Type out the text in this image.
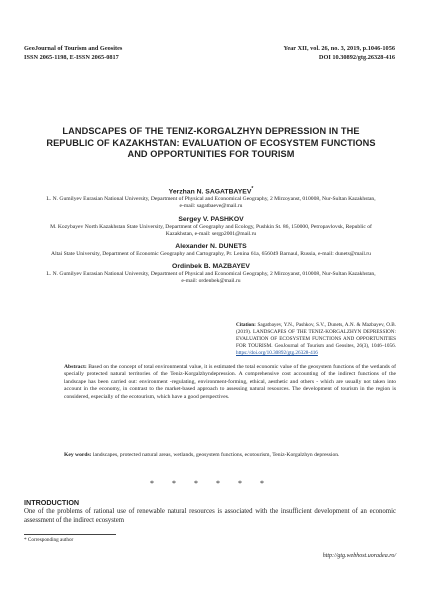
GeoJournal of Tourism and Geosites
ISSN 2065-1198, E-ISSN 2065-0817
Year XII, vol. 26, no. 3, 2019, p.1046-1056
DOI 10.30892/gtg.26328-416
LANDSCAPES OF THE TENIZ-KORGALZHYN DEPRESSION IN THE REPUBLIC OF KAZAKHSTAN: EVALUATION OF ECOSYSTEM FUNCTIONS AND OPPORTUNITIES FOR TOURISM
Yerzhan N. SAGATBAYEV*
L. N. Gumilyev Eurasian National University, Department of Physical and Economical Geography, 2 Mirzoyanst, 010008, Nur-Sultan Kazakhstan, e-mail: sagatbaeve@mail.ru
Sergey V. PASHKOV
M. Kozybayev North Kazakhstan State University, Department of Geography and Ecology, Pushkin St. 86, 150000, Petropavlovsk, Republic of Kazakhstan, e-mail: sergp2001@mail.ru
Alexander N. DUNETS
Altai State University, Department of Economic Geography and Cartography, Pr. Lenina 61a, 656049 Barnaul, Russia, e-mail: dunets@mail.ru
Ordinbek B. MAZBAYEV
L. N. Gumilyev Eurasian National University, Department of Physical and Economical Geography, 2 Mirzoyanst, 010008, Nur-Sultan Kazakhstan, e-mail: ordenbek@mail.ru
Citation: Sagatbayev, Y.N., Pashkov, S.V., Dunets, A.N. & Mazbayev, O.B. (2019). LANDSCAPES OF THE TENIZ-KORGALZHYN DEPRESSION: EVALUATION OF ECOSYSTEM FUNCTIONS AND OPPORTUNITIES FOR TOURISM. GeoJournal of Tourism and Geosites, 26(3), 1046–1056. https://doi.org/10.30892/gtg.26328-416
Abstract: Based on the concept of total environmental value, it is estimated the total economic value of the geosystem functions of the wetlands of specially protected natural territories of the Teniz-Korgalzhyndepression. A comprehensive cost accounting of the indirect functions of the landscape has been carried out: environment -regulating, environment-forming, ethical, aesthetic and others - which are usually not taken into account in the economy, in contrast to the market-based approach to assessing natural resources. The development of tourism in the region is considered, especially of the ecotourism, which have a good perspectives.
Key words: landscapes, protected natural areas, wetlands, geosystem functions, ecotourism, Teniz-Korgalzhyn depression.
* * * * * *
INTRODUCTION
One of the problems of rational use of renewable natural resources is associated with the insufficient development of an economic assessment of the indirect ecosystem
* Corresponding author
http://gtg.webhost.uoradea.ro/
